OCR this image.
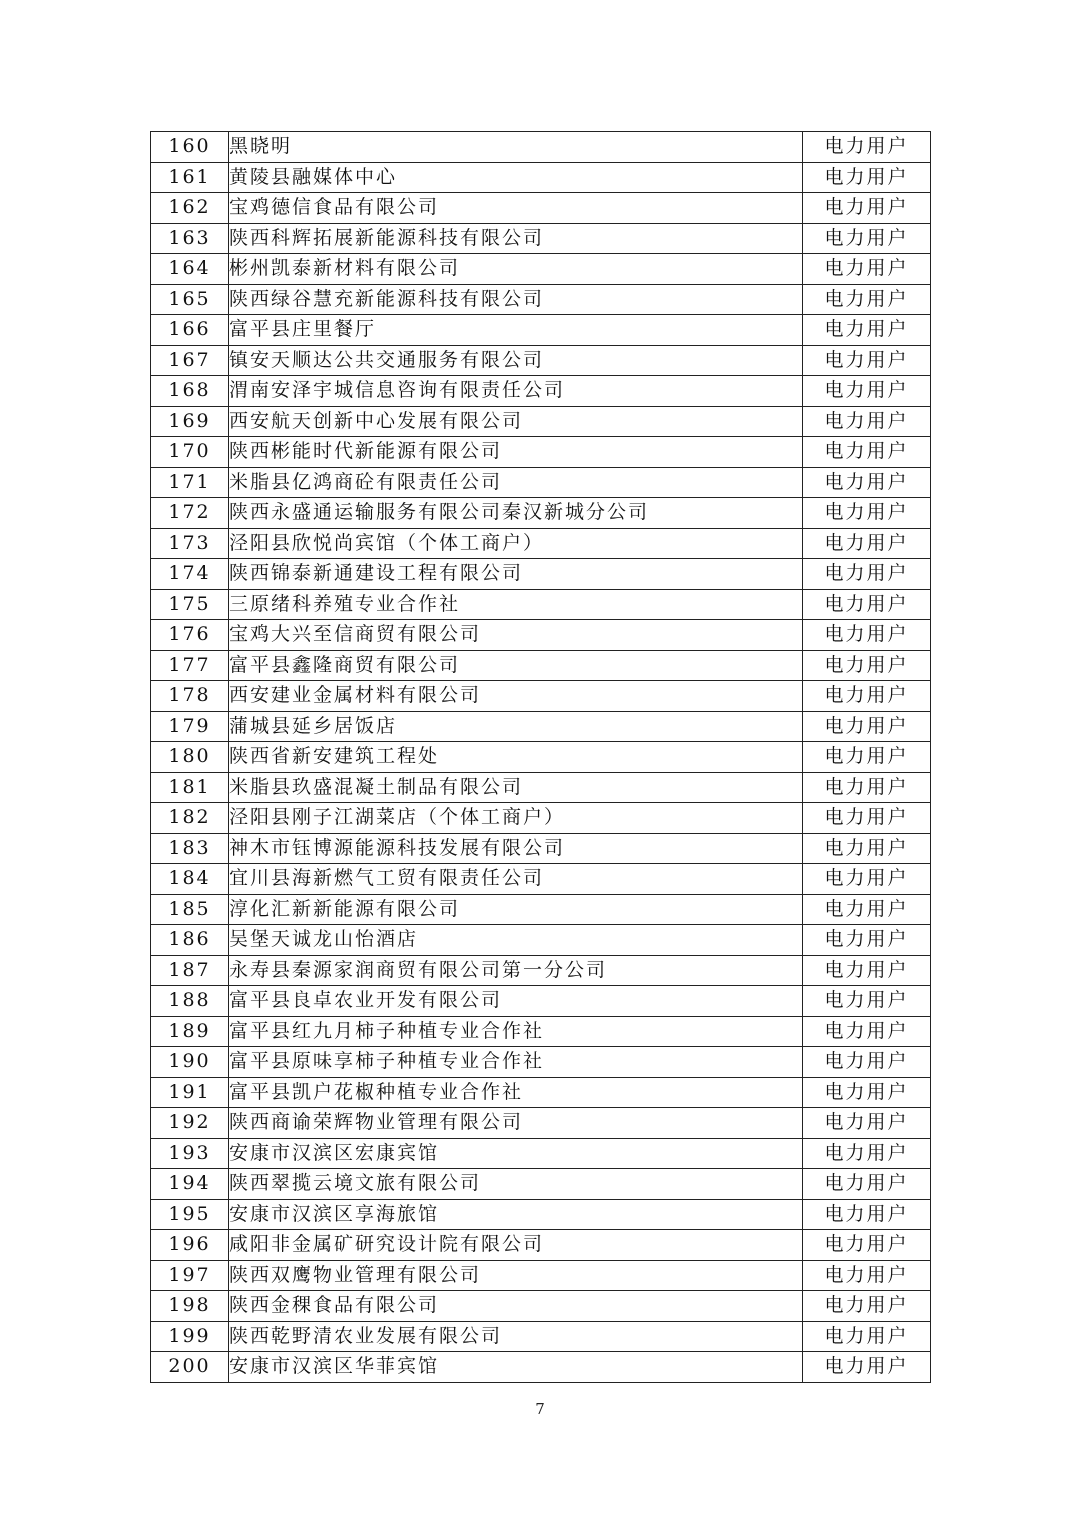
160	黑晓明	电力用户
161	黄陵县融媒体中心	电力用户
162	宝鸡德信食品有限公司	电力用户
163	陕西科辉拓展新能源科技有限公司	电力用户
164	彬州凯泰新材料有限公司	电力用户
165	陕西绿谷慧充新能源科技有限公司	电力用户
166	富平县庄里餐厅	电力用户
167	镇安天顺达公共交通服务有限公司	电力用户
168	渭南安泽宇城信息咨询有限责任公司	电力用户
169	西安航天创新中心发展有限公司	电力用户
170	陕西彬能时代新能源有限公司	电力用户
171	米脂县亿鸿商砼有限责任公司	电力用户
172	陕西永盛通运输服务有限公司秦汉新城分公司	电力用户
173	泾阳县欣悦尚宾馆（个体工商户）	电力用户
174	陕西锦泰新通建设工程有限公司	电力用户
175	三原绪科养殖专业合作社	电力用户
176	宝鸡大兴至信商贸有限公司	电力用户
177	富平县鑫隆商贸有限公司	电力用户
178	西安建业金属材料有限公司	电力用户
179	蒲城县延乡居饭店	电力用户
180	陕西省新安建筑工程处	电力用户
181	米脂县玖盛混凝土制品有限公司	电力用户
182	泾阳县刚子江湖菜店（个体工商户）	电力用户
183	神木市钰博源能源科技发展有限公司	电力用户
184	宜川县海新燃气工贸有限责任公司	电力用户
185	淳化汇新新能源有限公司	电力用户
186	吴堡天诚龙山怡酒店	电力用户
187	永寿县秦源家润商贸有限公司第一分公司	电力用户
188	富平县良卓农业开发有限公司	电力用户
189	富平县红九月柿子种植专业合作社	电力用户
190	富平县原味享柿子种植专业合作社	电力用户
191	富平县凯户花椒种植专业合作社	电力用户
192	陕西商谕荣辉物业管理有限公司	电力用户
193	安康市汉滨区宏康宾馆	电力用户
194	陕西翠揽云境文旅有限公司	电力用户
195	安康市汉滨区享海旅馆	电力用户
196	咸阳非金属矿研究设计院有限公司	电力用户
197	陕西双鹰物业管理有限公司	电力用户
198	陕西金稞食品有限公司	电力用户
199	陕西乾野清农业发展有限公司	电力用户
200	安康市汉滨区华菲宾馆	电力用户
7
